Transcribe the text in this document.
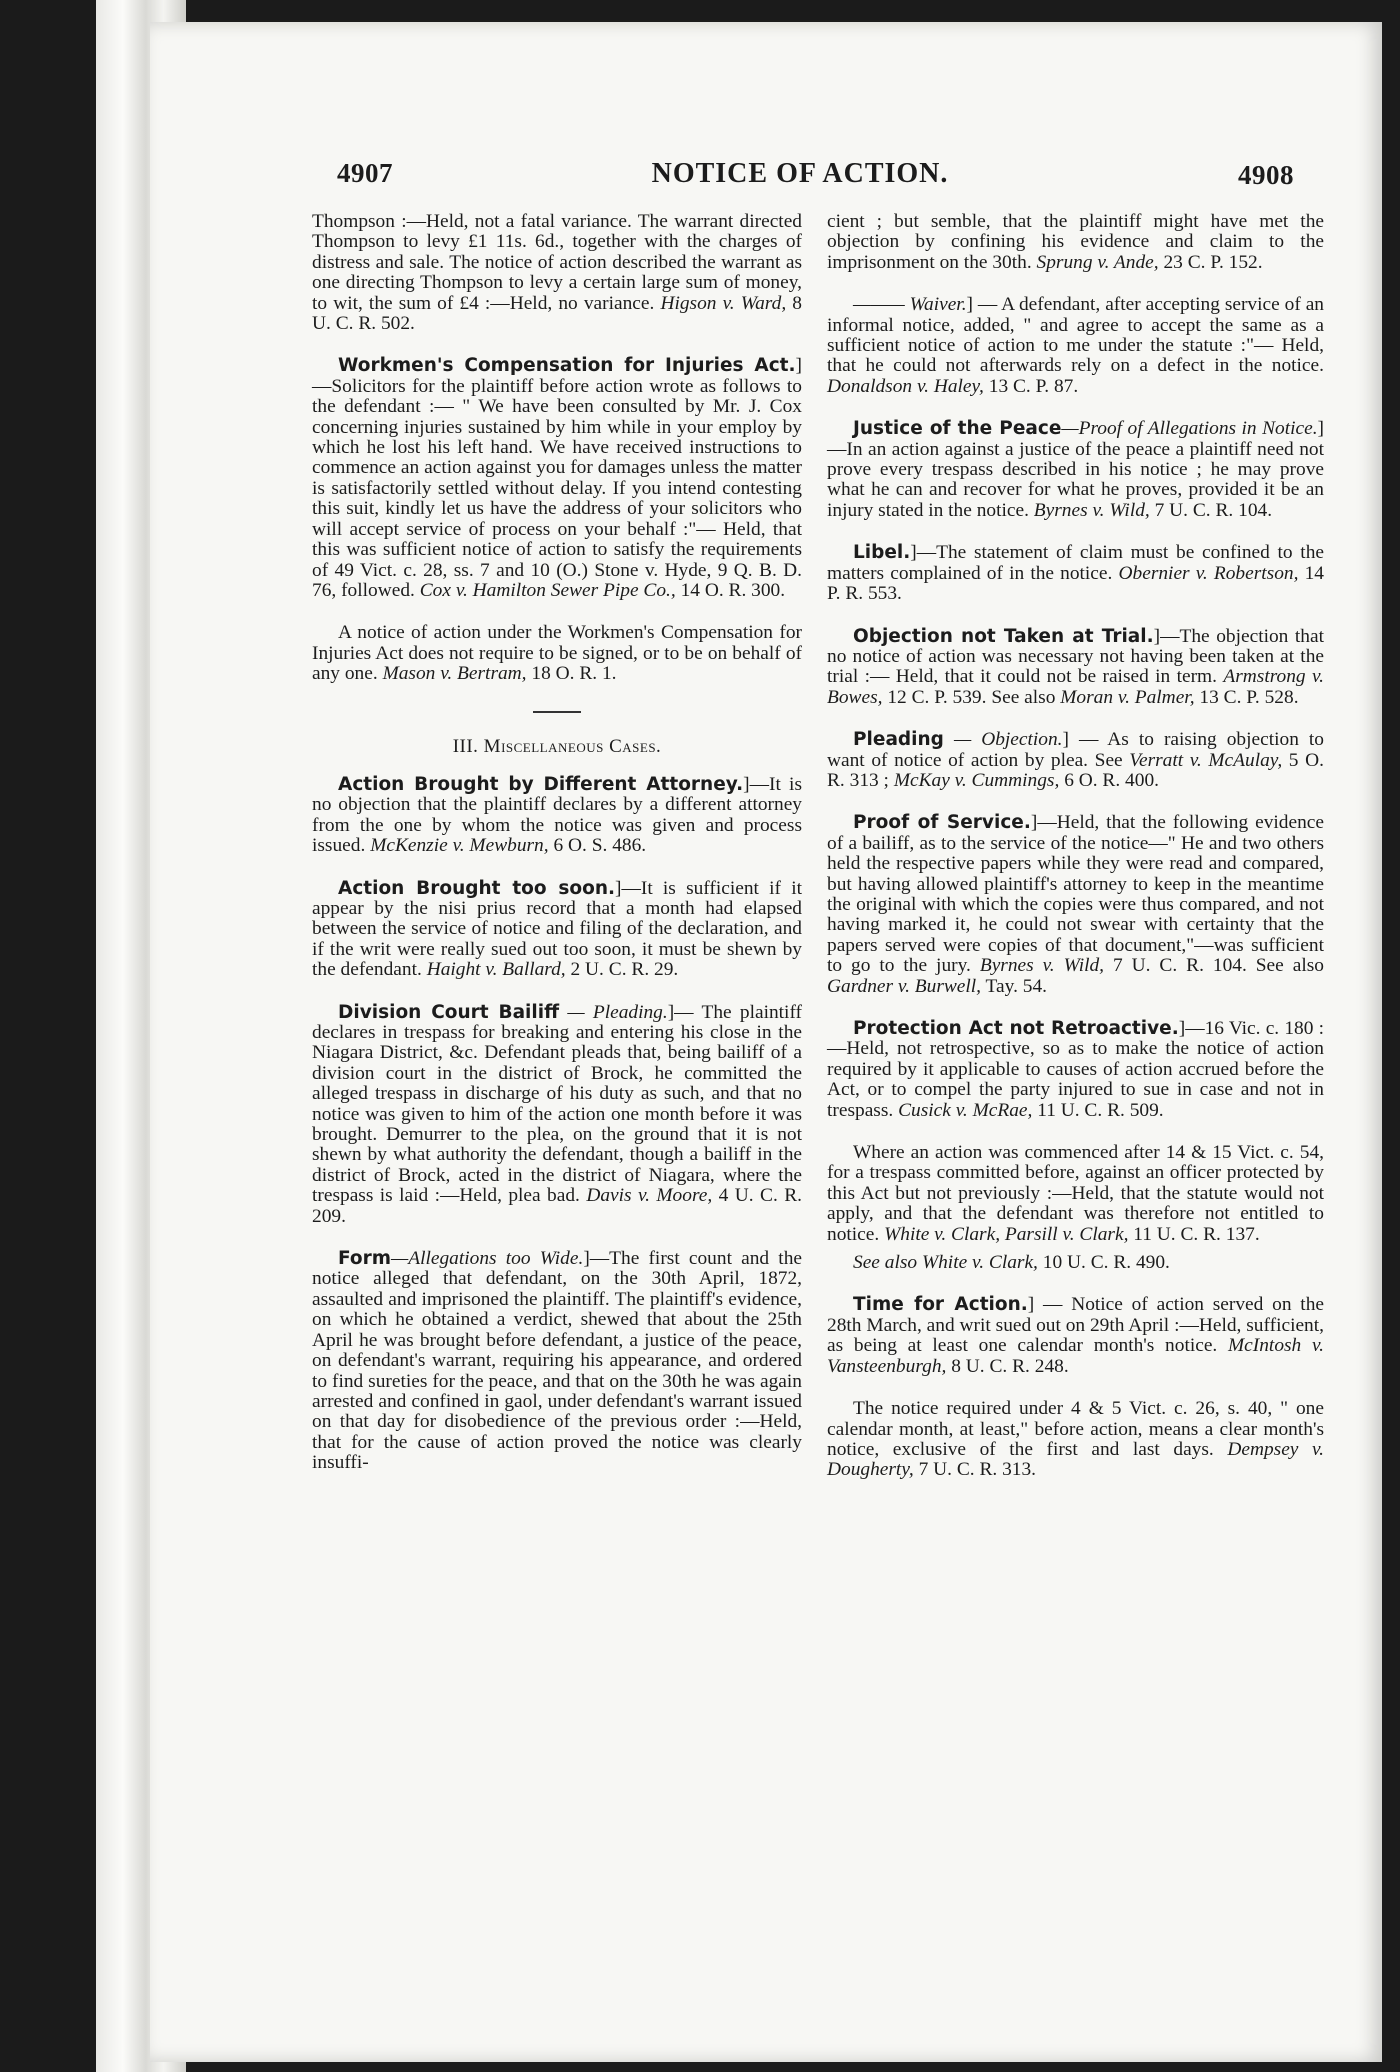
4907	NOTICE OF ACTION.	4908

Thompson :—Held, not a fatal variance. The warrant directed Thompson to levy £1 11s. 6d., together with the charges of distress and sale. The notice of action described the warrant as one directing Thompson to levy a certain large sum of money, to wit, the sum of £4 :—Held, no variance. Higson v. Ward, 8 U. C. R. 502.

Workmen's Compensation for Injuries Act.]—Solicitors for the plaintiff before action wrote as follows to the defendant :— " We have been consulted by Mr. J. Cox concerning injuries sustained by him while in your employ by which he lost his left hand. We have received instructions to commence an action against you for damages unless the matter is satisfactorily settled without delay. If you intend contesting this suit, kindly let us have the address of your solicitors who will accept service of process on your behalf :"— Held, that this was sufficient notice of action to satisfy the requirements of 49 Vict. c. 28, ss. 7 and 10 (O.) Stone v. Hyde, 9 Q. B. D. 76, followed. Cox v. Hamilton Sewer Pipe Co., 14 O. R. 300.

A notice of action under the Workmen's Compensation for Injuries Act does not require to be signed, or to be on behalf of any one. Mason v. Bertram, 18 O. R. 1.

III. Miscellaneous Cases.

Action Brought by Different Attorney.]—It is no objection that the plaintiff declares by a different attorney from the one by whom the notice was given and process issued. McKenzie v. Mewburn, 6 O. S. 486.

Action Brought too soon.]—It is sufficient if it appear by the nisi prius record that a month had elapsed between the service of notice and filing of the declaration, and if the writ were really sued out too soon, it must be shewn by the defendant. Haight v. Ballard, 2 U. C. R. 29.

Division Court Bailiff — Pleading.]— The plaintiff declares in trespass for breaking and entering his close in the Niagara District, &c. Defendant pleads that, being bailiff of a division court in the district of Brock, he committed the alleged trespass in discharge of his duty as such, and that no notice was given to him of the action one month before it was brought. Demurrer to the plea, on the ground that it is not shewn by what authority the defendant, though a bailiff in the district of Brock, acted in the district of Niagara, where the trespass is laid :—Held, plea bad. Davis v. Moore, 4 U. C. R. 209.

Form—Allegations too Wide.]—The first count and the notice alleged that defendant, on the 30th April, 1872, assaulted and imprisoned the plaintiff. The plaintiff's evidence, on which he obtained a verdict, shewed that about the 25th April he was brought before defendant, a justice of the peace, on defendant's warrant, requiring his appearance, and ordered to find sureties for the peace, and that on the 30th he was again arrested and confined in gaol, under defendant's warrant issued on that day for disobedience of the previous order :—Held, that for the cause of action proved the notice was clearly insuffi-

cient ; but semble, that the plaintiff might have met the objection by confining his evidence and claim to the imprisonment on the 30th. Sprung v. Ande, 23 C. P. 152.

——— Waiver.] — A defendant, after accepting service of an informal notice, added, " and agree to accept the same as a sufficient notice of action to me under the statute :"— Held, that he could not afterwards rely on a defect in the notice. Donaldson v. Haley, 13 C. P. 87.

Justice of the Peace—Proof of Allegations in Notice.]—In an action against a justice of the peace a plaintiff need not prove every trespass described in his notice ; he may prove what he can and recover for what he proves, provided it be an injury stated in the notice. Byrnes v. Wild, 7 U. C. R. 104.

Libel.]—The statement of claim must be confined to the matters complained of in the notice. Obernier v. Robertson, 14 P. R. 553.

Objection not Taken at Trial.]—The objection that no notice of action was necessary not having been taken at the trial :— Held, that it could not be raised in term. Armstrong v. Bowes, 12 C. P. 539. See also Moran v. Palmer, 13 C. P. 528.

Pleading — Objection.] — As to raising objection to want of notice of action by plea. See Verratt v. McAulay, 5 O. R. 313 ; McKay v. Cummings, 6 O. R. 400.

Proof of Service.]—Held, that the following evidence of a bailiff, as to the service of the notice—" He and two others held the respective papers while they were read and compared, but having allowed plaintiff's attorney to keep in the meantime the original with which the copies were thus compared, and not having marked it, he could not swear with certainty that the papers served were copies of that document,"—was sufficient to go to the jury. Byrnes v. Wild, 7 U. C. R. 104. See also Gardner v. Burwell, Tay. 54.

Protection Act not Retroactive.]—16 Vic. c. 180 :—Held, not retrospective, so as to make the notice of action required by it applicable to causes of action accrued before the Act, or to compel the party injured to sue in case and not in trespass. Cusick v. McRae, 11 U. C. R. 509.

Where an action was commenced after 14 & 15 Vict. c. 54, for a trespass committed before, against an officer protected by this Act but not previously :—Held, that the statute would not apply, and that the defendant was therefore not entitled to notice. White v. Clark, Parsill v. Clark, 11 U. C. R. 137.

See also White v. Clark, 10 U. C. R. 490.

Time for Action.] — Notice of action served on the 28th March, and writ sued out on 29th April :—Held, sufficient, as being at least one calendar month's notice. McIntosh v. Vansteenburgh, 8 U. C. R. 248.

The notice required under 4 & 5 Vict. c. 26, s. 40, " one calendar month, at least," before action, means a clear month's notice, exclusive of the first and last days. Dempsey v. Dougherty, 7 U. C. R. 313.
